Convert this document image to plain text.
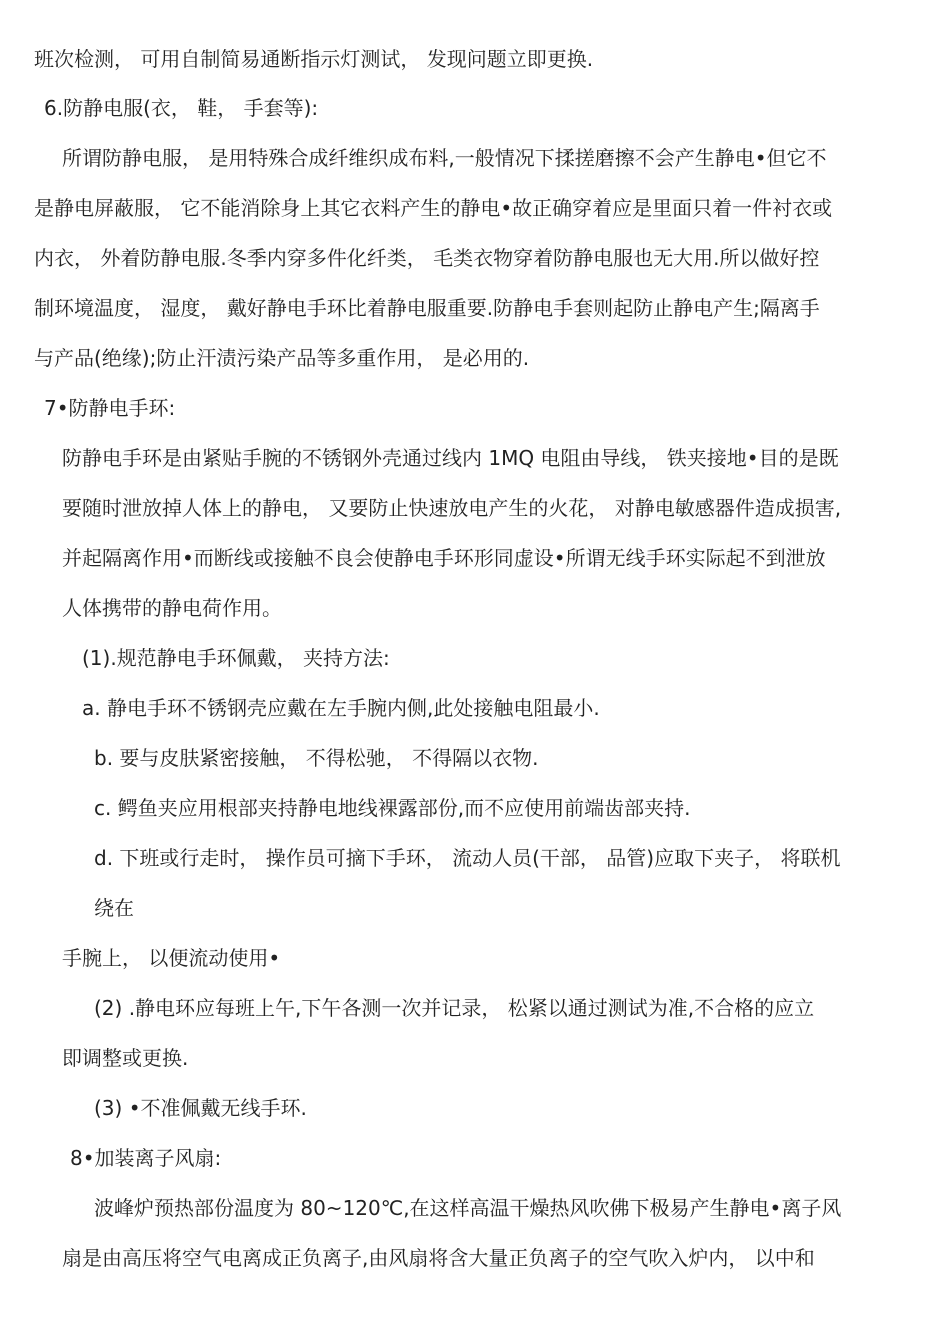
班次检测， 可用自制简易通断指示灯测试， 发现问题立即更换.
6.防静电服(衣， 鞋， 手套等):
所谓防静电服， 是用特殊合成纤维织成布料,一般情况下揉搓磨擦不会产生静电•但它不
是静电屏蔽服， 它不能消除身上其它衣料产生的静电•故正确穿着应是里面只着一件衬衣或
内衣， 外着防静电服.冬季内穿多件化纤类， 毛类衣物穿着防静电服也无大用.所以做好控
制环境温度， 湿度， 戴好静电手环比着静电服重要.防静电手套则起防止静电产生;隔离手
与产品(绝缘);防止汗渍污染产品等多重作用， 是必用的.
7•防静电手环:
防静电手环是由紧贴手腕的不锈钢外壳通过线内 1MQ 电阻由导线， 铁夹接地•目的是既
要随时泄放掉人体上的静电， 又要防止快速放电产生的火花， 对静电敏感器件造成损害,
并起隔离作用•而断线或接触不良会使静电手环形同虚设•所谓无线手环实际起不到泄放
人体携带的静电荷作用。
(1).规范静电手环佩戴， 夹持方法:
a. 静电手环不锈钢壳应戴在左手腕内侧,此处接触电阻最小.
b. 要与皮肤紧密接触， 不得松驰， 不得隔以衣物.
c. 鳄鱼夹应用根部夹持静电地线裸露部份,而不应使用前端齿部夹持.
d. 下班或行走时， 操作员可摘下手环， 流动人员(干部， 品管)应取下夹子， 将联机
绕在
手腕上， 以便流动使用•
(2) .静电环应每班上午,下午各测一次并记录， 松紧以通过测试为准,不合格的应立
即调整或更换.
(3) •不准佩戴无线手环.
8•加装离子风扇:
波峰炉预热部份温度为 80~120℃,在这样高温干燥热风吹佛下极易产生静电•离子风
扇是由高压将空气电离成正负离子,由风扇将含大量正负离子的空气吹入炉内， 以中和
